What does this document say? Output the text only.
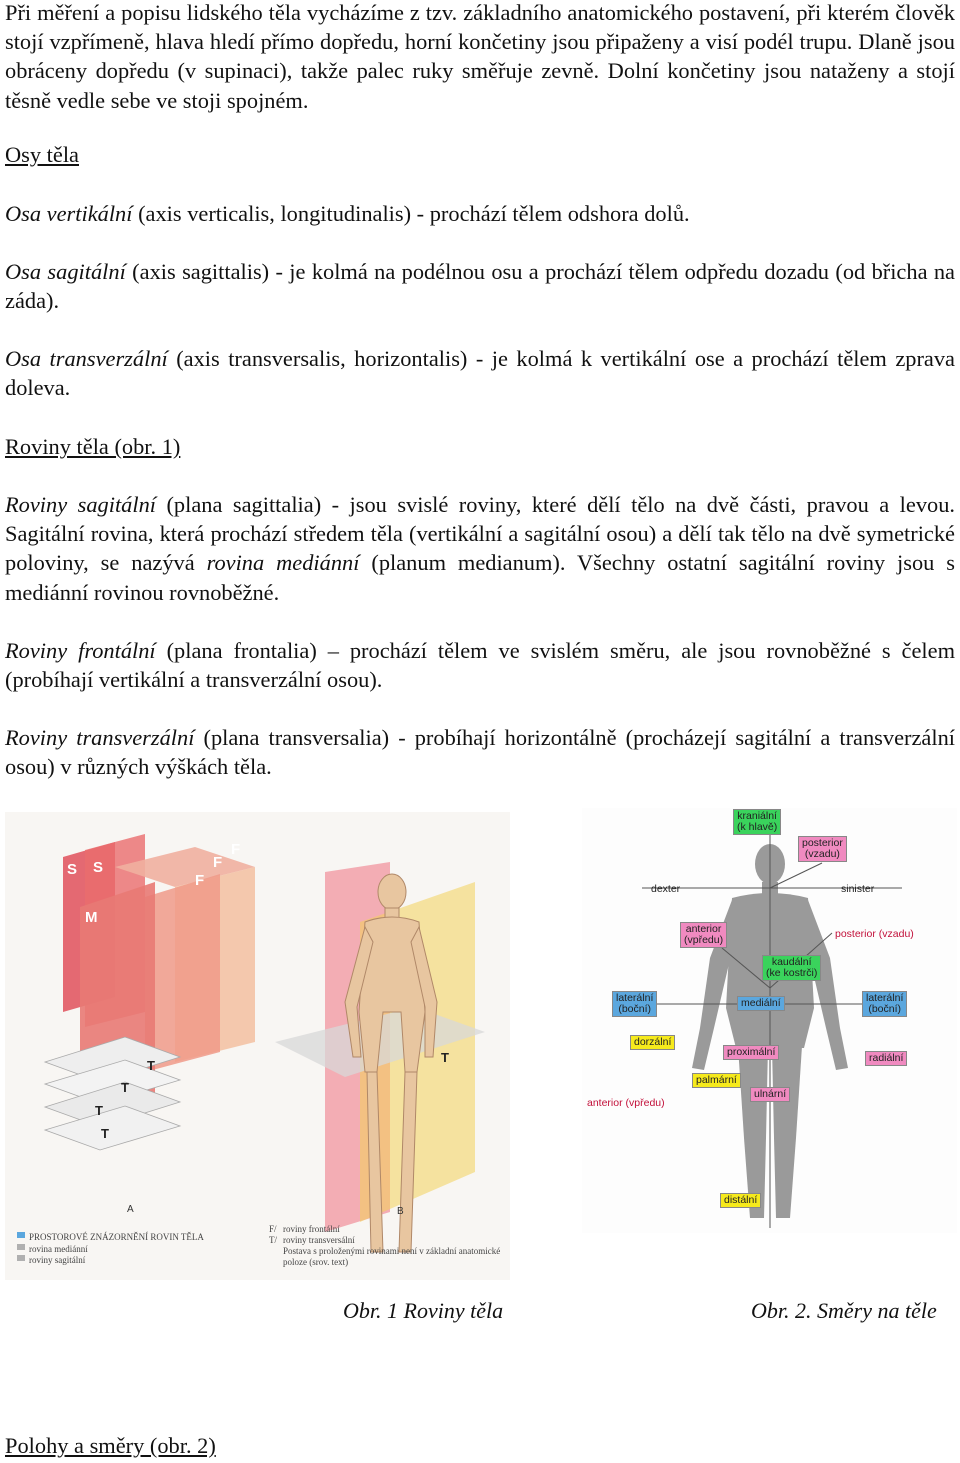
Při měření a popisu lidského těla vycházíme z tzv. základního anatomického postavení, při kterém člověk stojí vzpřímeně, hlava hledí přímo dopředu, horní končetiny jsou připaženy a visí podél trupu. Dlaně jsou obráceny dopředu (v supinaci), takže palec ruky směřuje zevně. Dolní končetiny jsou nataženy a stojí těsně vedle sebe ve stoji spojném.

Osy těla

Osa vertikální (axis verticalis, longitudinalis) - prochází tělem odshora dolů.

Osa sagitální (axis sagittalis) - je kolmá na podélnou osu a prochází tělem odpředu dozadu (od břicha na záda).

Osa transverzální (axis transversalis, horizontalis) - je kolmá k vertikální ose a prochází tělem zprava doleva.

Roviny těla (obr. 1)

Roviny sagitální (plana sagittalia) - jsou svislé roviny, které dělí tělo na dvě části, pravou a levou. Sagitální rovina, která prochází středem těla (vertikální a sagitální osou) a dělí tak tělo na dvě symetrické poloviny, se nazývá rovina mediánní (planum medianum). Všechny ostatní sagitální roviny jsou s mediánní rovinou rovnoběžné.

Roviny frontální (plana frontalia) – prochází tělem ve svislém směru, ale jsou rovnoběžné s čelem (probíhají vertikální a transverzální osou).

Roviny transverzální (plana transversalia) - probíhají horizontálně (procházejí sagitální a transverzální osou) v různých výškách těla.

Polohy a směry (obr. 2)

S S
F
F
F
M
T
T
T
T
T
A	B
PROSTOROVÉ ZNÁZORNĚNÍ ROVIN TĚLA
rovina mediánní
roviny sagitální
F/ roviny frontální
T/ roviny transversální
Postava s proloženými rovinami není v základní anatomické
poloze (srov. text)
kraniální
(k hlavě)
posterior
(vzadu)
dexter	sinister
anterior
(vpředu)	posterior (vzadu)
kaudální
(ke kostrči)
laterální
(boční)	mediální	laterální
(boční)
dorzální
proximální	radiální
palmární
ulnární
anterior (vpředu)
distální
Obr. 1 Roviny těla	Obr. 2. Směry na těle
